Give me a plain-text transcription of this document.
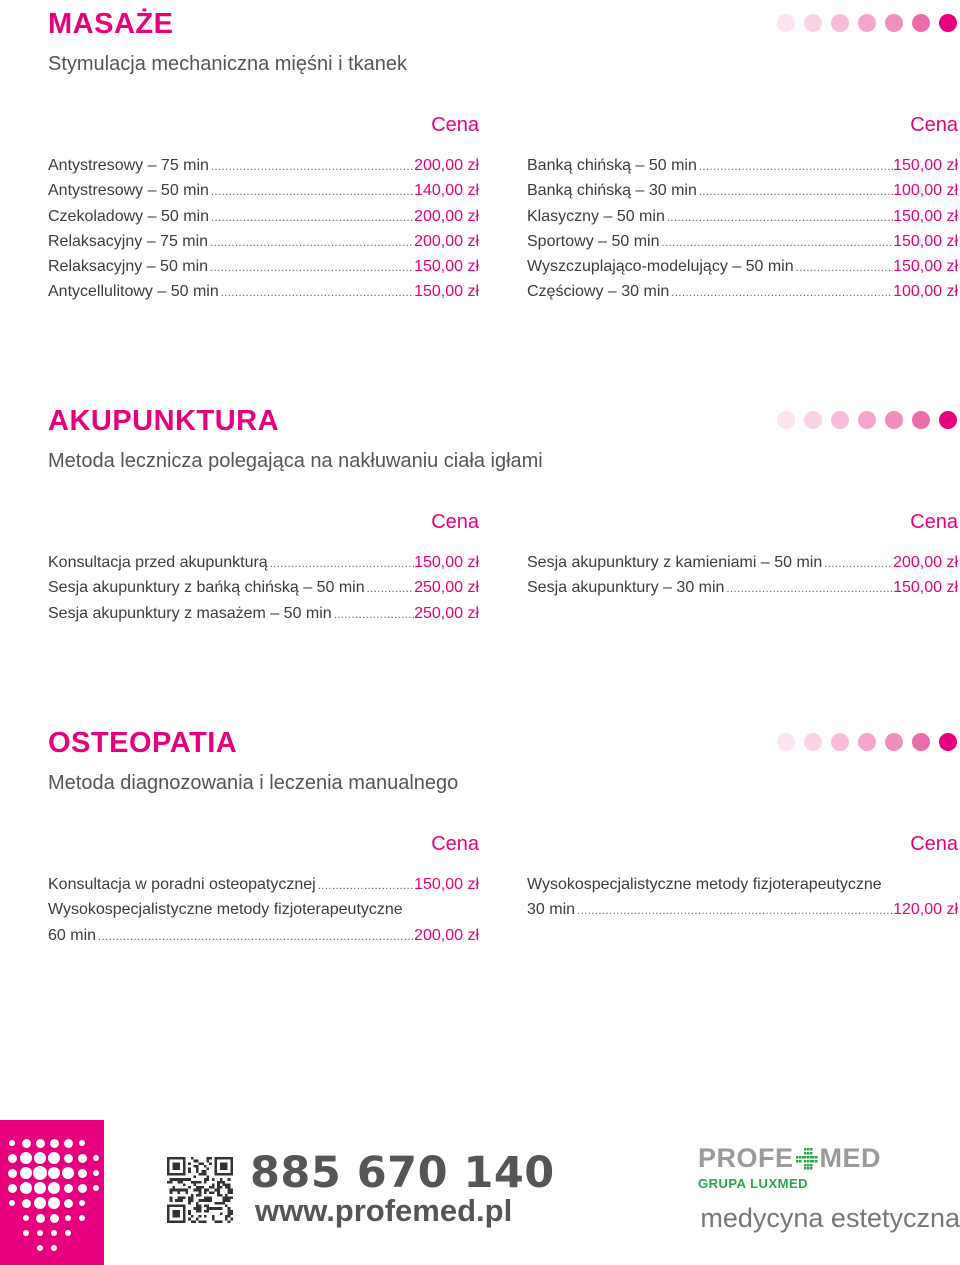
MASAŻE
Stymulacja mechaniczna mięśni i tkanek
Cena
Antystresowy – 75 min .....	200,00 zł
Antystresowy – 50 min .....	140,00 zł
Czekoladowy – 50 min .....	200,00 zł
Relaksacyjny – 75 min .....	200,00 zł
Relaksacyjny – 50 min .....	150,00 zł
Antycellulitowy – 50 min .....	150,00 zł
Cena
Banką chińską – 50 min .....	150,00 zł
Banką chińską – 30 min .....	100,00 zł
Klasyczny – 50 min .....	150,00 zł
Sportowy – 50 min .....	150,00 zł
Wyszczuplająco-modelujący – 50 min .....	150,00 zł
Częściowy – 30 min .....	100,00 zł
AKUPUNKTURA
Metoda lecznicza polegająca na nakłuwaniu ciała igłami
Cena
Konsultacja przed akupunkturą .....	150,00 zł
Sesja akupunktury z bańką chińską – 50 min .....	250,00 zł
Sesja akupunktury z masażem – 50 min .....	250,00 zł
Cena
Sesja akupunktury z kamieniami – 50 min .....	200,00 zł
Sesja akupunktury – 30 min .....	150,00 zł
OSTEOPATIA
Metoda diagnozowania i leczenia manualnego
Cena
Konsultacja w poradni osteopatycznej .....	150,00 zł
Wysokospecjalistyczne metody fizjoterapeutyczne
60 min .....	200,00 zł
Cena
Wysokospecjalistyczne metody fizjoterapeutyczne
30 min .....	120,00 zł
885 670 140
www.profemed.pl
PROFE MED
GRUPA LUXMED
medycyna estetyczna
